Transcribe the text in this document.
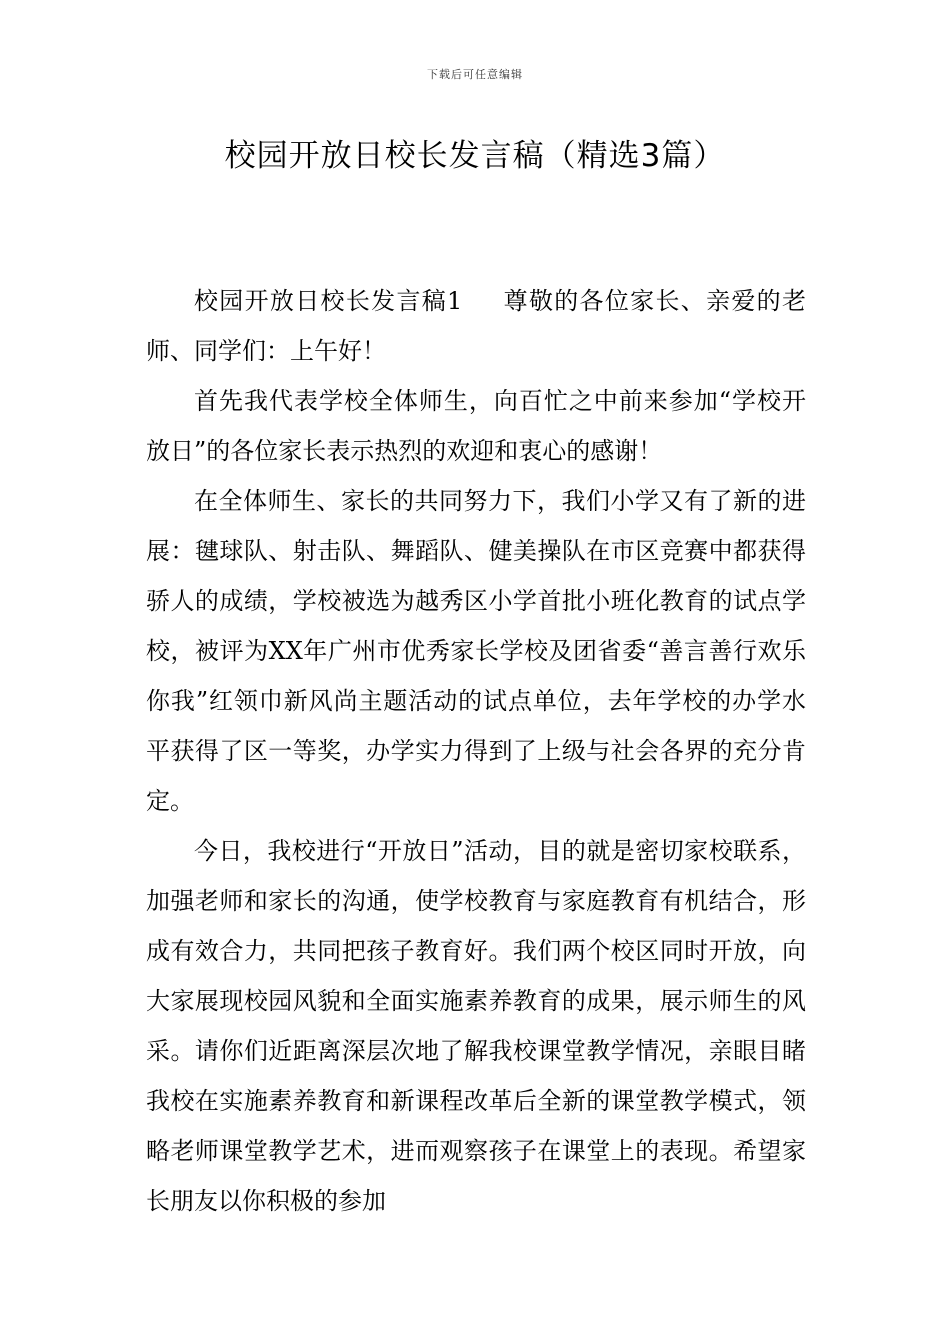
下载后可任意编辑
校园开放日校长发言稿（精选3篇）

校园开放日校长发言稿1 尊敬的各位家长、亲爱的老师、同学们：上午好！

首先我代表学校全体师生，向百忙之中前来参加“学校开放日”的各位家长表示热烈的欢迎和衷心的感谢！

在全体师生、家长的共同努力下，我们小学又有了新的进展：毽球队、射击队、舞蹈队、健美操队在市区竞赛中都获得骄人的成绩，学校被选为越秀区小学首批小班化教育的试点学校，被评为XX年广州市优秀家长学校及团省委“善言善行欢乐你我”红领巾新风尚主题活动的试点单位，去年学校的办学水平获得了区一等奖，办学实力得到了上级与社会各界的充分肯定。

今日，我校进行“开放日”活动，目的就是密切家校联系，加强老师和家长的沟通，使学校教育与家庭教育有机结合，形成有效合力，共同把孩子教育好。我们两个校区同时开放，向大家展现校园风貌和全面实施素养教育的成果，展示师生的风采。请你们近距离深层次地了解我校课堂教学情况，亲眼目睹我校在实施素养教育和新课程改革后全新的课堂教学模式，领略老师课堂教学艺术，进而观察孩子在课堂上的表现。希望家长朋友以你积极的参加
